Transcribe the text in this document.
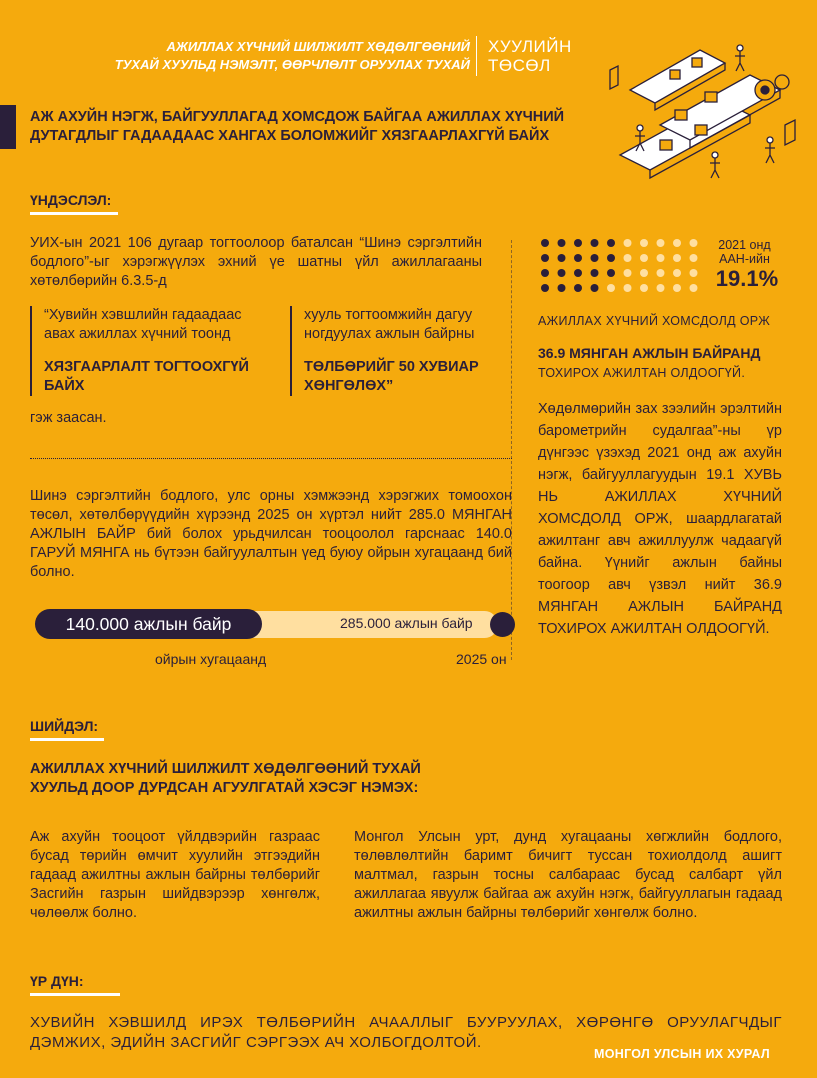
АЖИЛЛАХ ХҮЧНИЙ ШИЛЖИЛТ ХӨДӨЛГӨӨНИЙ
ТУХАЙ ХУУЛЬД НЭМЭЛТ, ӨӨРЧЛӨЛТ ОРУУЛАХ ТУХАЙ
ХУУЛИЙН
ТӨСӨЛ
АЖ АХУЙН НЭГЖ, БАЙГУУЛЛАГАД ХОМСДОЖ БАЙГАА АЖИЛЛАХ ХҮЧНИЙ
ДУТАГДЛЫГ ГАДААДААС ХАНГАХ БОЛОМЖИЙГ ХЯЗГААРЛАХГҮЙ БАЙХ
ҮНДЭСЛЭЛ:
УИХ-ын 2021 106 дугаар тогтоолоор баталсан “Шинэ сэргэлтийн бодлого”-ыг хэрэгжүүлэх эхний үе шатны үйл ажиллагааны хөтөлбөрийн 6.3.5-д
“Хувийн хэвшлийн гадаадаас авах ажиллах хүчний тоонд
ХЯЗГААРЛАЛТ ТОГТООХГҮЙ БАЙХ
хууль тогтоомжийн дагуу ногдуулах ажлын байрны
ТӨЛБӨРИЙГ 50 ХУВИАР ХӨНГӨЛӨХ”
гэж заасан.
Шинэ сэргэлтийн бодлого, улс орны хэмжээнд хэрэгжих томоохон төсөл, хөтөлбөрүүдийн хүрээнд 2025 он хүртэл нийт 285.0 МЯНГАН АЖЛЫН БАЙР бий болох урьдчилсан тооцоолол гарснаас 140.0 ГАРУЙ МЯНГА нь бүтээн байгуулалтын үед буюу ойрын хугацаанд бий болно.
140.000 ажлын байр	285.000 ажлын байр
ойрын хугацаанд	2025 он
2021 онд
ААН-ийн
19.1%
АЖИЛЛАХ ХҮЧНИЙ ХОМСДОЛД ОРЖ
36.9 МЯНГАН АЖЛЫН БАЙРАНД
ТОХИРОХ АЖИЛТАН ОЛДООГҮЙ.
Хөдөлмөрийн зах зээлийн эрэлтийн барометрийн судалгаа”-ны үр дүнгээс үзэхэд 2021 онд аж ахуйн нэгж, байгууллагуудын 19.1 ХУВЬ НЬ АЖИЛЛАХ ХҮЧНИЙ ХОМСДОЛД ОРЖ, шаардлагатай ажилтанг авч ажиллуулж чадаагүй байна. Үүнийг ажлын байны тоогоор авч үзвэл нийт 36.9 МЯНГАН АЖЛЫН БАЙРАНД ТОХИРОХ АЖИЛТАН ОЛДООГҮЙ.
ШИЙДЭЛ:
АЖИЛЛАХ ХҮЧНИЙ ШИЛЖИЛТ ХӨДӨЛГӨӨНИЙ ТУХАЙ
ХУУЛЬД ДООР ДУРДСАН АГУУЛГАТАЙ ХЭСЭГ НЭМЭХ:
Аж ахуйн тооцоот үйлдвэрийн газраас бусад төрийн өмчит хуулийн этгээдийн гадаад ажилтны ажлын байрны төлбөрийг Засгийн газрын шийдвэрээр хөнгөлж, чөлөөлж болно.
Монгол Улсын урт, дунд хугацааны хөгжлийн бодлого, төлөвлөлтийн баримт бичигт туссан тохиолдолд ашигт малтмал, газрын тосны салбараас бусад салбарт үйл ажиллагаа явуулж байгаа аж ахуйн нэгж, байгууллагын гадаад ажилтны ажлын байрны төлбөрийг хөнгөлж болно.
ҮР ДҮН:
ХУВИЙН ХЭВШИЛД ИРЭХ ТӨЛБӨРИЙН АЧААЛЛЫГ БУУРУУЛАХ, ХӨРӨНГӨ ОРУУЛАГЧДЫГ ДЭМЖИХ, ЭДИЙН ЗАСГИЙГ СЭРГЭЭХ АЧ ХОЛБОГДОЛТОЙ.
МОНГОЛ УЛСЫН ИХ ХУРАЛ
